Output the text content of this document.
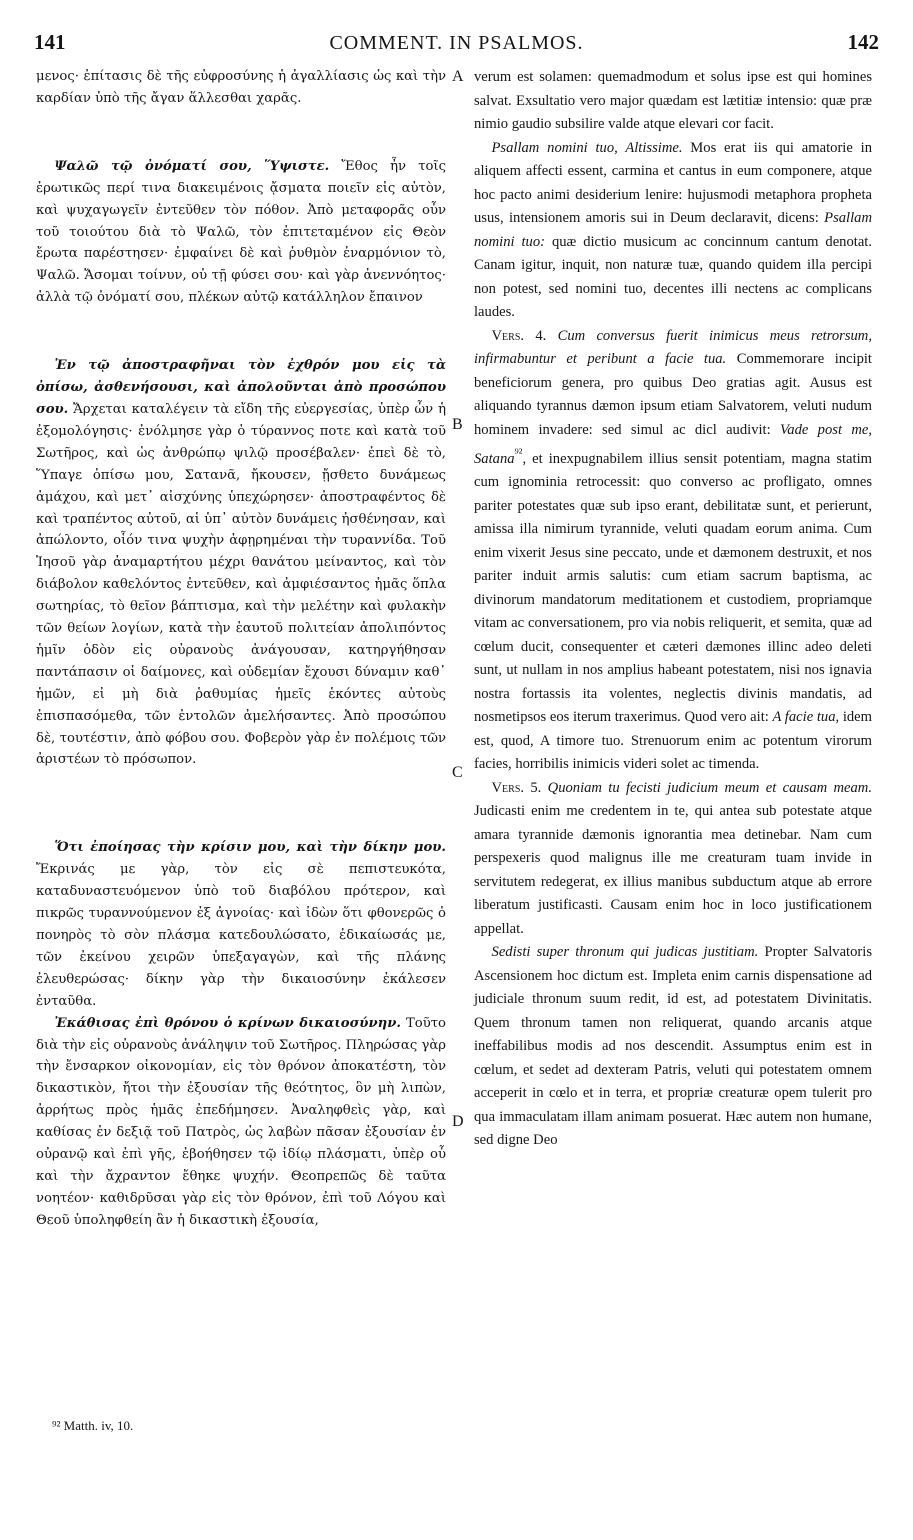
141	COMMENT. IN PSALMOS.	142

μενος· ἐπίτασις δὲ τῆς εὐφροσύνης ἡ ἀγαλλίασις ὡς καὶ τὴν καρδίαν ὑπὸ τῆς ἄγαν ἅλλεσθαι χαρᾶς.

Ψαλῶ τῷ ὀνόματί σου, Ὕψιστε. Ἔθος ἦν τοῖς ἐρωτικῶς περί τινα διακειμένοις ᾄσματα ποιεῖν εἰς αὐτὸν, καὶ ψυχαγωγεῖν ἐντεῦθεν τὸν πόθον. Ἀπὸ μεταφορᾶς οὖν τοῦ τοιούτου διὰ τὸ Ψαλῶ, τὸν ἐπιτεταμένον εἰς Θεὸν ἔρωτα παρέστησεν· ἐμφαίνει δὲ καὶ ῥυθμὸν ἐναρμόνιον τὸ, Ψαλῶ. Ἄσομαι τοίνυν, οὐ τῇ φύσει σου· καὶ γὰρ ἀνεννόητος· ἀλλὰ τῷ ὀνόματί σου, πλέκων αὐτῷ κατάλληλον ἔπαινον

Ἐν τῷ ἀποστραφῆναι τὸν ἐχθρόν μου εἰς τὰ ὀπίσω, ἀσθενήσουσι, καὶ ἀπολοῦνται ἀπὸ προσώπου σου. Ἄρχεται καταλέγειν τὰ εἴδη τῆς εὐεργεσίας, ὑπὲρ ὧν ἡ ἐξομολόγησις· ἐνόλμησε γὰρ ὁ τύραννος ποτε καὶ κατὰ τοῦ Σωτῆρος, καὶ ὡς ἀνθρώπῳ ψιλῷ προσέβαλεν· ἐπεὶ δὲ τὸ, Ὕπαγε ὀπίσω μου, Σατανᾶ, ἤκουσεν, ᾔσθετο δυνάμεως ἀμάχου, καὶ μετ᾽ αἰσχύνης ὑπεχώρησεν· ἀποστραφέντος δὲ καὶ τραπέντος αὐτοῦ, αἱ ὑπ᾽ αὐτὸν δυνάμεις ἠσθένησαν, καὶ ἀπώλοντο, οἷόν τινα ψυχὴν ἀφῃρημέναι τὴν τυραννίδα. Τοῦ Ἰησοῦ γὰρ ἀναμαρτήτου μέχρι θανάτου μείναντος, καὶ τὸν διάβολον καθελόντος ἐντεῦθεν, καὶ ἀμφιέσαντος ἡμᾶς ὅπλα σωτηρίας, τὸ θεῖον βάπτισμα, καὶ τὴν μελέτην καὶ φυλακὴν τῶν θείων λογίων, κατὰ τὴν ἑαυτοῦ πολιτείαν ἀπολιπόντος ἡμῖν ὁδὸν εἰς οὐρανοὺς ἀνάγουσαν, κατηργήθησαν παντάπασιν οἱ δαίμονες, καὶ οὐδεμίαν ἔχουσι δύναμιν καθ᾽ ἡμῶν, εἰ μὴ διὰ ῥαθυμίας ἡμεῖς ἑκόντες αὐτοὺς ἐπισπασόμεθα, τῶν ἐντολῶν ἀμελήσαντες. Ἀπὸ προσώπου δὲ, τουτέστιν, ἀπὸ φόβου σου. Φοβερὸν γὰρ ἐν πολέμοις τῶν ἀριστέων τὸ πρόσωπον.

Ὅτι ἐποίησας τὴν κρίσιν μου, καὶ τὴν δίκην μου. Ἔκρινάς με γὰρ, τὸν εἰς σὲ πεπιστευκότα, καταδυναστευόμενον ὑπὸ τοῦ διαβόλου πρότερον, καὶ πικρῶς τυραννούμενον ἐξ ἀγνοίας· καὶ ἰδὼν ὅτι φθονερῶς ὁ πονηρὸς τὸ σὸν πλάσμα κατεδουλώσατο, ἐδικαίωσάς με, τῶν ἐκείνου χειρῶν ὑπεξαγαγὼν, καὶ τῆς πλάνης ἐλευθερώσας· δίκην γὰρ τὴν δικαιοσύνην ἐκάλεσεν ἐνταῦθα.

Ἐκάθισας ἐπὶ θρόνου ὁ κρίνων δικαιοσύνην. Τοῦτο διὰ τὴν εἰς οὐρανοὺς ἀνάληψιν τοῦ Σωτῆρος. Πληρώσας γὰρ τὴν ἔνσαρκον οἰκονομίαν, εἰς τὸν θρόνον ἀποκατέστη, τὸν δικαστικὸν, ἤτοι τὴν ἐξουσίαν τῆς θεότητος, ὃν μὴ λιπὼν, ἀρρήτως πρὸς ἡμᾶς ἐπεδήμησεν. Ἀναληφθεὶς γὰρ, καὶ καθίσας ἐν δεξιᾷ τοῦ Πατρὸς, ὡς λαβὼν πᾶσαν ἐξουσίαν ἐν οὐρανῷ καὶ ἐπὶ γῆς, ἐβοήθησεν τῷ ἰδίῳ πλάσματι, ὑπὲρ οὗ καὶ τὴν ἄχραντον ἔθηκε ψυχήν. Θεοπρεπῶς δὲ ταῦτα νοητέον· καθιδρῦσαι γὰρ εἰς τὸν θρόνον, ἐπὶ τοῦ Λόγου καὶ Θεοῦ ὑποληφθείη ἂν ἡ δικαστικὴ ἐξουσία,

verum est solamen: quemadmodum et solus ipse est qui homines salvat. Exsultatio vero major quædam est lætitiæ intensio: quæ præ nimio gaudio subsilire valde atque elevari cor facit.

Psallam nomini tuo, Altissime. Mos erat iis qui amatorie in aliquem affecti essent, carmina et cantus in eum componere, atque hoc pacto animi desiderium lenire: hujusmodi metaphora propheta usus, intensionem amoris sui in Deum declaravit, dicens: Psallam nomini tuo: quæ dictio musicum ac concinnum cantum denotat. Canam igitur, inquit, non naturæ tuæ, quando quidem illa percipi non potest, sed nomini tuo, decentes illi nectens ac complicans laudes.

Vers. 4. Cum conversus fuerit inimicus meus retrorsum, infirmabuntur et peribunt a facie tua. Commemorare incipit beneficiorum genera, pro quibus Deo gratias agit. Ausus est aliquando tyrannus dæmon ipsum etiam Salvatorem, veluti nudum hominem invadere: sed simul ac dicl audivit: Vade post me, Satana$^{^{92}}$, et inexpugnabilem illius sensit potentiam, magna statim cum ignominia retrocessit: quo converso ac profligato, omnes pariter potestates quæ sub ipso erant, debilitatæ sunt, et perierunt, amissa illa nimirum tyrannide, veluti quadam eorum anima. Cum enim vixerit Jesus sine peccato, unde et dæmonem destruxit, et nos pariter induit armis salutis: cum etiam sacrum baptisma, ac divinorum mandatorum meditationem et custodiem, propriamque vitam ac conversationem, pro via nobis reliquerit, et semita, quæ ad cœlum ducit, consequenter et cæteri dæmones illinc adeo deleti sunt, ut nullam in nos amplius habeant potestatem, nisi nos ignavia nostra fortassis ita volentes, neglectis divinis mandatis, ad nosmetipsos eos iterum traxerimus. Quod vero ait: A facie tua, idem est, quod, A timore tuo. Strenuorum enim ac potentum virorum facies, horribilis inimicis videri solet ac timenda.

Vers. 5. Quoniam tu fecisti judicium meum et causam meam. Judicasti enim me credentem in te, qui antea sub potestate atque amara tyrannide dæmonis ignorantia mea detinebar. Nam cum perspexeris quod malignus ille me creaturam tuam invide in servitutem redegerat, ex illius manibus subductum atque ab errore liberatum justificasti. Causam enim hoc in loco justificationem appellat.

Sedisti super thronum qui judicas justitiam. Propter Salvatoris Ascensionem hoc dictum est. Impleta enim carnis dispensatione ad judiciale thronum suum redit, id est, ad potestatem Divinitatis. Quem thronum tamen non reliquerat, quando arcanis atque ineffabilibus modis ad nos descendit. Assumptus enim est in cœlum, et sedet ad dexteram Patris, veluti qui potestatem omnem acceperit in cœlo et in terra, et propriæ creaturæ opem tulerit pro qua immaculatam illam animam posuerat. Hæc autem non humane, sed digne Deo

A
B
C
D
⁹² Matth. iv, 10.
